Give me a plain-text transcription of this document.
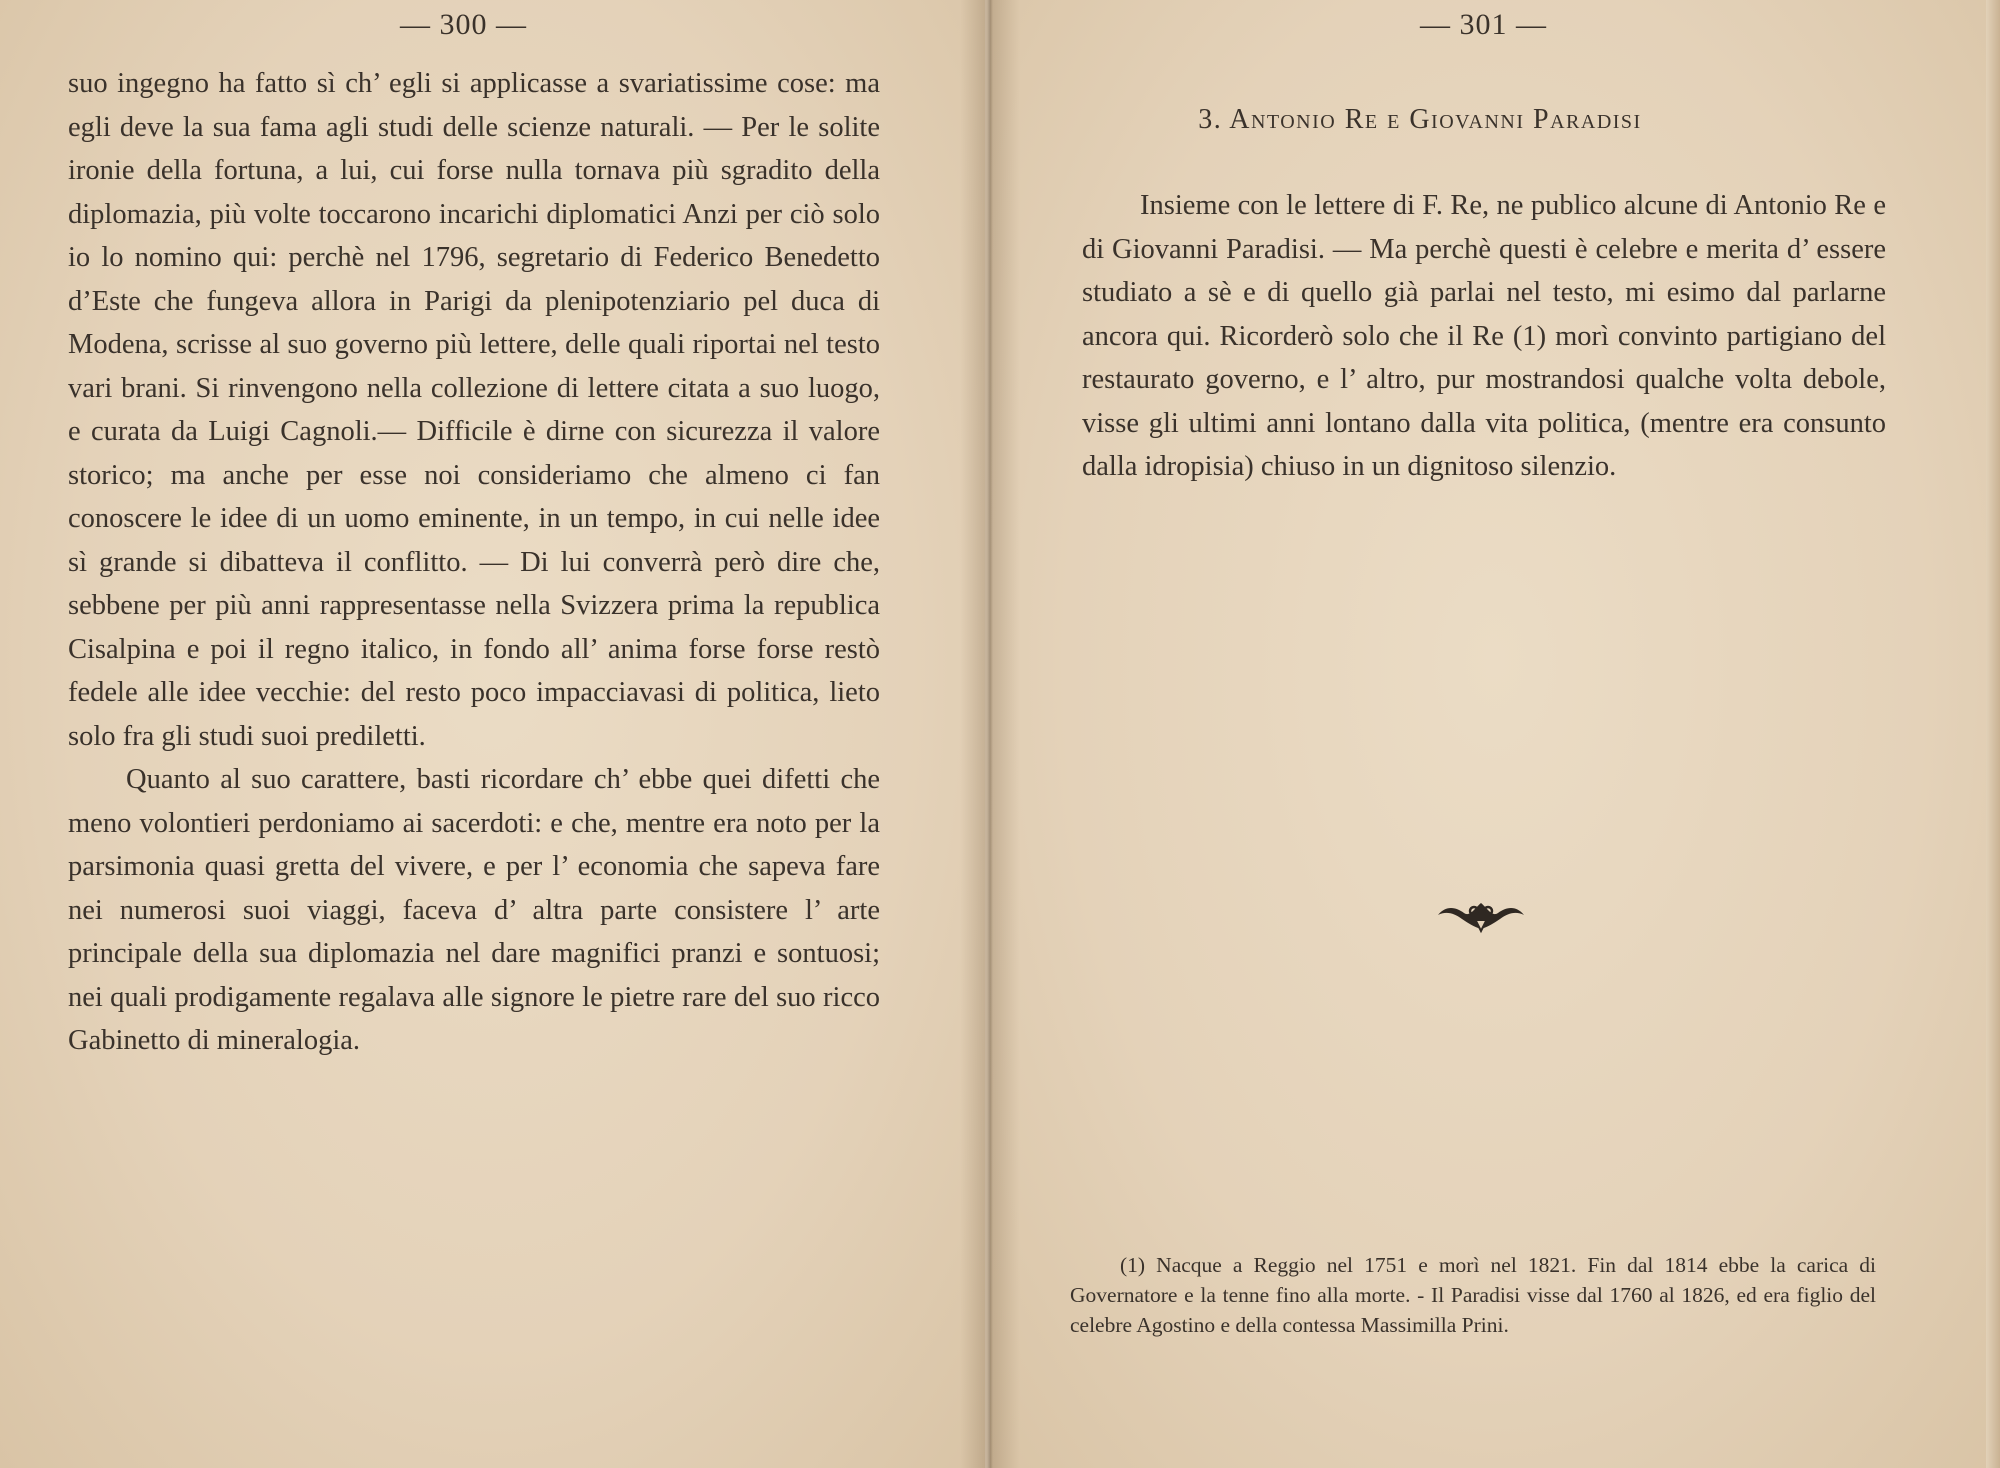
— 300 —

suo ingegno ha fatto sì ch’ egli si applicasse a svariatissime cose: ma egli deve la sua fama agli studi delle scienze naturali. — Per le solite ironie della fortuna, a lui, cui forse nulla tornava più sgradito della diplomazia, più volte toccarono incarichi diplomatici Anzi per ciò solo io lo nomino qui: perchè nel 1796, segretario di Federico Benedetto d’Este che fungeva allora in Parigi da plenipotenziario pel duca di Modena, scrisse al suo governo più lettere, delle quali riportai nel testo vari brani. Si rinvengono nella collezione di lettere citata a suo luogo, e curata da Luigi Cagnoli.— Difficile è dirne con sicurezza il valore storico; ma anche per esse noi consideriamo che almeno ci fan conoscere le idee di un uomo eminente, in un tempo, in cui nelle idee sì grande si dibatteva il conflitto. — Di lui converrà però dire che, sebbene per più anni rappresentasse nella Svizzera prima la republica Cisalpina e poi il regno italico, in fondo all’ anima forse forse restò fedele alle idee vecchie: del resto poco impacciavasi di politica, lieto solo fra gli studi suoi prediletti.

Quanto al suo carattere, basti ricordare ch’ ebbe quei difetti che meno volontieri perdoniamo ai sacerdoti: e che, mentre era noto per la parsimonia quasi gretta del vivere, e per l’ economia che sapeva fare nei numerosi suoi viaggi, faceva d’ altra parte consistere l’ arte principale della sua diplomazia nel dare magnifici pranzi e sontuosi; nei quali prodigamente regalava alle signore le pietre rare del suo ricco Gabinetto di mineralogia.

— 301 —
3. Antonio Re e Giovanni Paradisi

Insieme con le lettere di F. Re, ne publico alcune di Antonio Re e di Giovanni Paradisi. — Ma perchè questi è celebre e merita d’ essere studiato a sè e di quello già parlai nel testo, mi esimo dal parlarne ancora qui. Ricorderò solo che il Re (1) morì convinto partigiano del restaurato governo, e l’ altro, pur mostrandosi qualche volta debole, visse gli ultimi anni lontano dalla vita politica, (mentre era consunto dalla idropisia) chiuso in un dignitoso silenzio.

(1) Nacque a Reggio nel 1751 e morì nel 1821. Fin dal 1814 ebbe la carica di Governatore e la tenne fino alla morte. - Il Paradisi visse dal 1760 al 1826, ed era figlio del celebre Agostino e della contessa Massimilla Prini.
